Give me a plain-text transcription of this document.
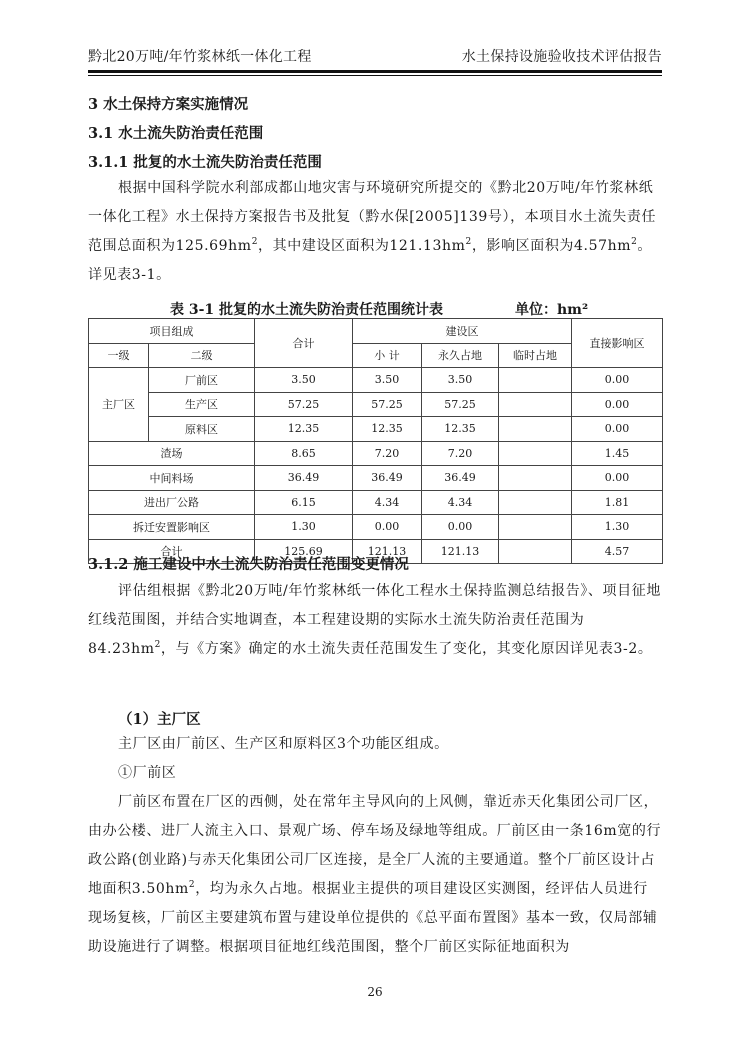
黔北20万吨/年竹浆林纸一体化工程	水土保持设施验收技术评估报告
3 水土保持方案实施情况
3.1 水土流失防治责任范围
3.1.1 批复的水土流失防治责任范围
根据中国科学院水利部成都山地灾害与环境研究所提交的《黔北20万吨/年竹浆林纸一体化工程》水土保持方案报告书及批复（黔水保[2005]139号），本项目水土流失责任范围总面积为$125.69hm^2$，其中建设区面积为$121.13hm^2$，影响区面积为$4.57hm^2$。详见表3-1。
表 3-1 批复的水土流失防治责任范围统计表	单位：hm²
项目组成		合计	建设区			直接影响区
一级	二级		小 计	永久占地	临时占地	
主厂区	厂前区	3.50	3.50	3.50		0.00
	生产区	57.25	57.25	57.25		0.00
	原料区	12.35	12.35	12.35		0.00
渣场		8.65	7.20	7.20		1.45
中间料场		36.49	36.49	36.49		0.00
进出厂公路		6.15	4.34	4.34		1.81
拆迁安置影响区		1.30	0.00	0.00		1.30
合计		125.69	121.13	121.13		4.57
3.1.2 施工建设中水土流失防治责任范围变更情况
评估组根据《黔北20万吨/年竹浆林纸一体化工程水土保持监测总结报告》、项目征地红线范围图，并结合实地调查，本工程建设期的实际水土流失防治责任范围为$84.23hm^2$，与《方案》确定的水土流失责任范围发生了变化，其变化原因详见表3-2。
（1）主厂区
主厂区由厂前区、生产区和原料区3个功能区组成。
①厂前区
厂前区布置在厂区的西侧，处在常年主导风向的上风侧，靠近赤天化集团公司厂区，由办公楼、进厂人流主入口、景观广场、停车场及绿地等组成。厂前区由一条16m宽的行政公路(创业路)与赤天化集团公司厂区连接，是全厂人流的主要通道。整个厂前区设计占地面积$3.50hm^2$，均为永久占地。根据业主提供的项目建设区实测图，经评估人员进行现场复核，厂前区主要建筑布置与建设单位提供的《总平面布置图》基本一致，仅局部辅助设施进行了调整。根据项目征地红线范围图，整个厂前区实际征地面积为
26
